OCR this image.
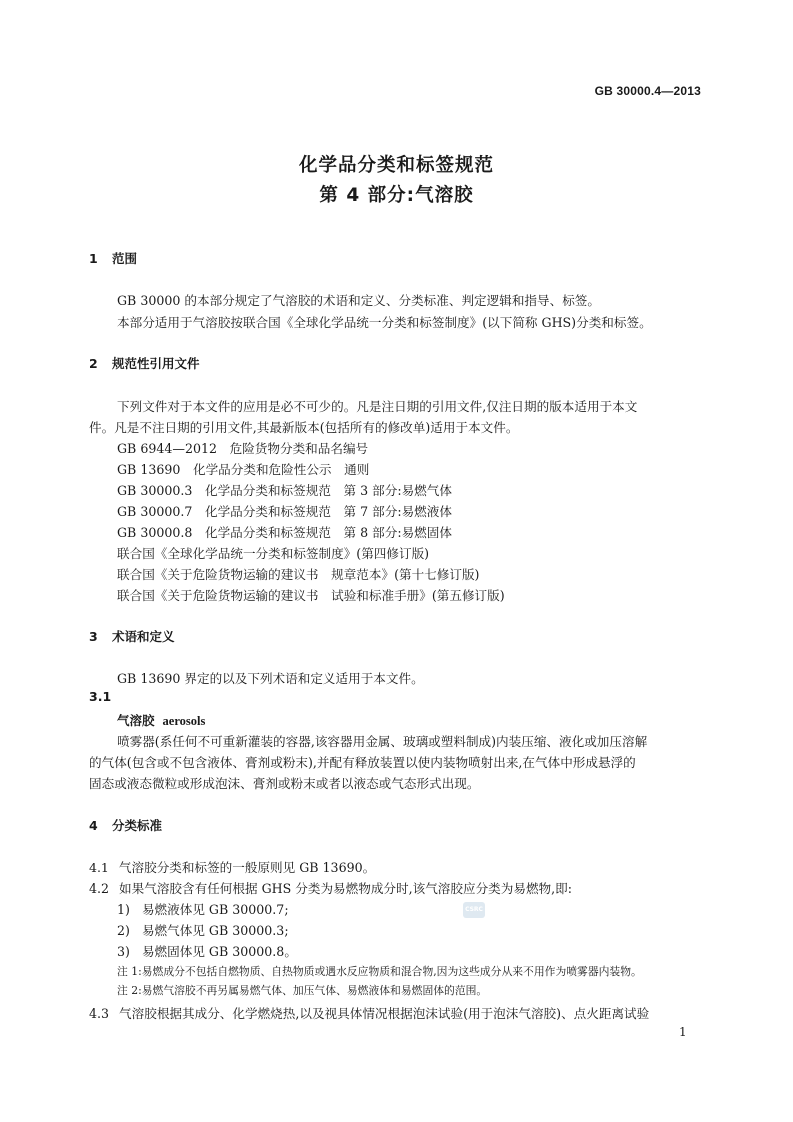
GB 30000.4—2013
化学品分类和标签规范
第 4 部分:气溶胶
1 范围
GB 30000 的本部分规定了气溶胶的术语和定义、分类标准、判定逻辑和指导、标签。
本部分适用于气溶胶按联合国《全球化学品统一分类和标签制度》(以下简称 GHS)分类和标签。
2 规范性引用文件
下列文件对于本文件的应用是必不可少的。凡是注日期的引用文件,仅注日期的版本适用于本文
件。凡是不注日期的引用文件,其最新版本(包括所有的修改单)适用于本文件。
GB 6944—2012　危险货物分类和品名编号
GB 13690　化学品分类和危险性公示　通则
GB 30000.3　化学品分类和标签规范　第 3 部分:易燃气体
GB 30000.7　化学品分类和标签规范　第 7 部分:易燃液体
GB 30000.8　化学品分类和标签规范　第 8 部分:易燃固体
联合国《全球化学品统一分类和标签制度》(第四修订版)
联合国《关于危险货物运输的建议书　规章范本》(第十七修订版)
联合国《关于危险货物运输的建议书　试验和标准手册》(第五修订版)
3 术语和定义
GB 13690 界定的以及下列术语和定义适用于本文件。
3.1
气溶胶 aerosols
喷雾器(系任何不可重新灌装的容器,该容器用金属、玻璃或塑料制成)内装压缩、液化或加压溶解
的气体(包含或不包含液体、膏剂或粉末),并配有释放装置以使内装物喷射出来,在气体中形成悬浮的
固态或液态微粒或形成泡沫、膏剂或粉末或者以液态或气态形式出现。
4 分类标准
4.1 气溶胶分类和标签的一般原则见 GB 13690。
4.2 如果气溶胶含有任何根据 GHS 分类为易燃物成分时,该气溶胶应分类为易燃物,即:
1) 易燃液体见 GB 30000.7;
2) 易燃气体见 GB 30000.3;
3) 易燃固体见 GB 30000.8。
注 1:易燃成分不包括自燃物质、自热物质或遇水反应物质和混合物,因为这些成分从来不用作为喷雾器内装物。
注 2:易燃气溶胶不再另属易燃气体、加压气体、易燃液体和易燃固体的范围。
4.3 气溶胶根据其成分、化学燃烧热,以及视具体情况根据泡沫试验(用于泡沫气溶胶)、点火距离试验
CSRC
1
